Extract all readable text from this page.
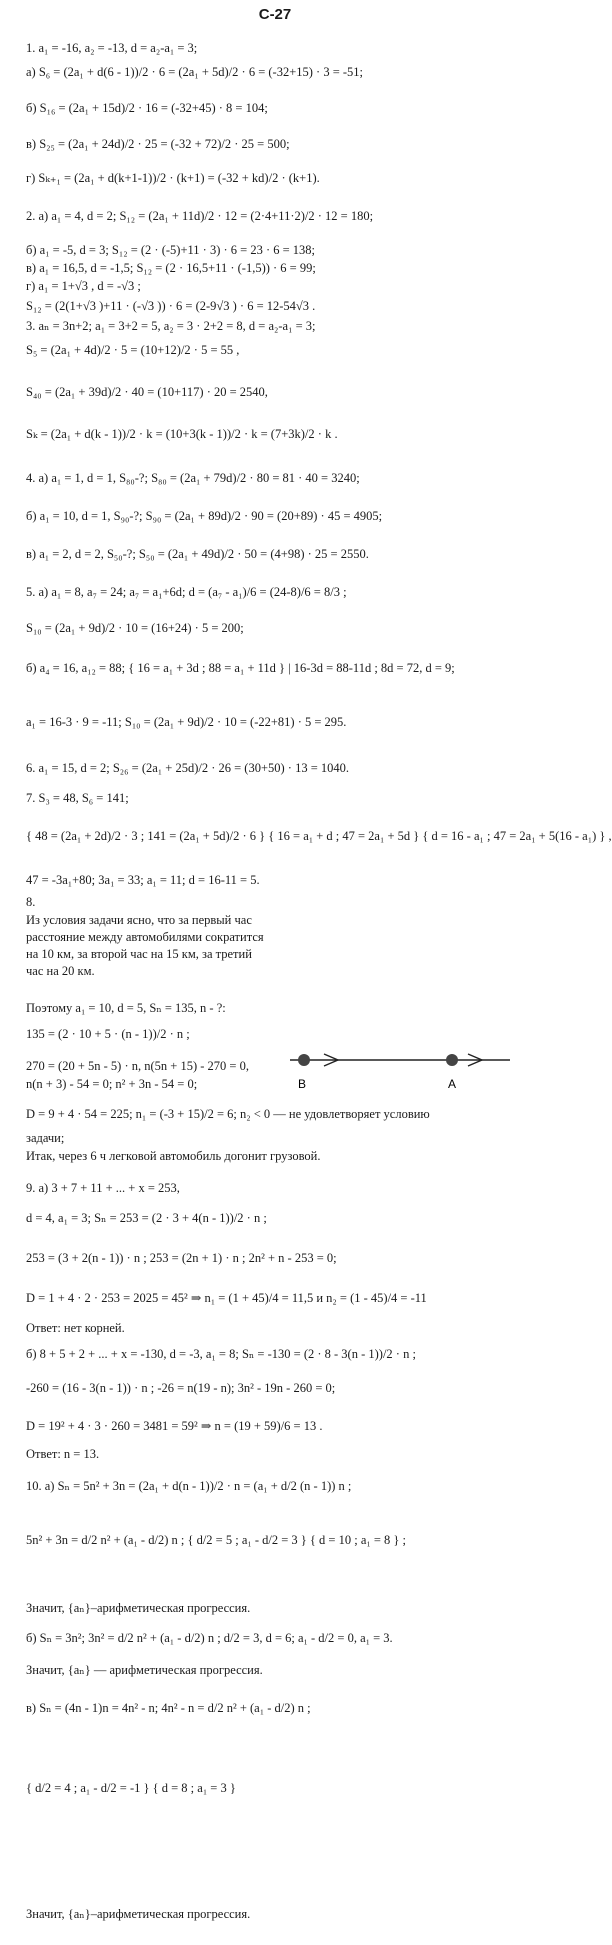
С-27
1. a₁ = -16, a₂ = -13, d = a₂-a₁ = 3;
а) S₆ = (2a₁ + d(6 - 1))/2 · 6 = (2a₁ + 5d)/2 · 6 = (-32+15) · 3 = -51;
б) S₁₆ = (2a₁ + 15d)/2 · 16 = (-32+45) · 8 = 104;
в) S₂₅ = (2a₁ + 24d)/2 · 25 = (-32 + 72)/2 · 25 = 500;
г) Sₖ₊₁ = (2a₁ + d(k+1-1))/2 · (k+1) = (-32 + kd)/2 · (k+1).
2. а) a₁ = 4, d = 2; S₁₂ = (2a₁ + 11d)/2 · 12 = (2·4+11·2)/2 · 12 = 180;
б) a₁ = -5, d = 3; S₁₂ = (2 · (-5)+11 · 3) · 6 = 23 · 6 = 138;
в) a₁ = 16,5, d = -1,5; S₁₂ = (2 · 16,5+11 · (-1,5)) · 6 = 99;
г) a₁ = 1+√3 , d = -√3 ;
S₁₂ = (2(1+√3 )+11 · (-√3 )) · 6 = (2-9√3 ) · 6 = 12-54√3 .
3. aₙ = 3n+2; a₁ = 3+2 = 5, a₂ = 3 · 2+2 = 8, d = a₂-a₁ = 3;
S₅ = (2a₁ + 4d)/2 · 5 = (10+12)/2 · 5 = 55 ,
S₄₀ = (2a₁ + 39d)/2 · 40 = (10+117) · 20 = 2540,
Sₖ = (2a₁ + d(k - 1))/2 · k = (10+3(k - 1))/2 · k = (7+3k)/2 · k .
4. а) a₁ = 1, d = 1, S₈₀-?; S₈₀ = (2a₁ + 79d)/2 · 80 = 81 · 40 = 3240;
б) a₁ = 10, d = 1, S₉₀-?; S₉₀ = (2a₁ + 89d)/2 · 90 = (20+89) · 45 = 4905;
в) a₁ = 2, d = 2, S₅₀-?; S₅₀ = (2a₁ + 49d)/2 · 50 = (4+98) · 25 = 2550.
5. а) a₁ = 8, a₇ = 24; a₇ = a₁+6d; d = (a₇ - a₁)/6 = (24-8)/6 = 8/3 ;
S₁₀ = (2a₁ + 9d)/2 · 10 = (16+24) · 5 = 200;
б) a₄ = 16, a₁₂ = 88; { 16 = a₁ + 3d ; 88 = a₁ + 11d } | 16-3d = 88-11d ; 8d = 72, d = 9;
a₁ = 16-3 · 9 = -11; S₁₀ = (2a₁ + 9d)/2 · 10 = (-22+81) · 5 = 295.
6. a₁ = 15, d = 2; S₂₆ = (2a₁ + 25d)/2 · 26 = (30+50) · 13 = 1040.
7. S₃ = 48, S₆ = 141;
{ 48 = (2a₁ + 2d)/2 · 3 ; 141 = (2a₁ + 5d)/2 · 6 } { 16 = a₁ + d ; 47 = 2a₁ + 5d } { d = 16 - a₁ ; 47 = 2a₁ + 5(16 - a₁) } ,
47 = -3a₁+80; 3a₁ = 33; a₁ = 11; d = 16-11 = 5.
8.
Из условия задачи ясно, что за первый час расстояние между автомобилями сократится на 10 км, за второй час на 15 км, за третий час на 20 км.
B	A
Поэтому a₁ = 10, d = 5, Sₙ = 135, n - ?:
135 = (2 · 10 + 5 · (n - 1))/2 · n ;
270 = (20 + 5n - 5) · n, n(5n + 15) - 270 = 0,
n(n + 3) - 54 = 0; n² + 3n - 54 = 0;
D = 9 + 4 · 54 = 225; n₁ = (-3 + 15)/2 = 6; n₂ < 0 — не удовлетворяет условию
задачи;
Итак, через 6 ч легковой автомобиль догонит грузовой.
9. а) 3 + 7 + 11 + ... + x = 253,
d = 4, a₁ = 3; Sₙ = 253 = (2 · 3 + 4(n - 1))/2 · n ;
253 = (3 + 2(n - 1)) · n ; 253 = (2n + 1) · n ; 2n² + n - 253 = 0;
D = 1 + 4 · 2 · 253 = 2025 = 45² ⇒ n₁ = (1 + 45)/4 = 11,5 и n₂ = (1 - 45)/4 = -11
Ответ: нет корней.
б) 8 + 5 + 2 + ... + x = -130, d = -3, a₁ = 8; Sₙ = -130 = (2 · 8 - 3(n - 1))/2 · n ;
-260 = (16 - 3(n - 1)) · n ; -26 = n(19 - n); 3n² - 19n - 260 = 0;
D = 19² + 4 · 3 · 260 = 3481 = 59² ⇒ n = (19 + 59)/6 = 13 .
Ответ: n = 13.
10. а) Sₙ = 5n² + 3n = (2a₁ + d(n - 1))/2 · n = (a₁ + d/2 (n - 1)) n ;
5n² + 3n = d/2 n² + (a₁ - d/2) n ; { d/2 = 5 ; a₁ - d/2 = 3 } { d = 10 ; a₁ = 8 } ;
Значит, {aₙ}–арифметическая прогрессия.
б) Sₙ = 3n²; 3n² = d/2 n² + (a₁ - d/2) n ; d/2 = 3, d = 6; a₁ - d/2 = 0, a₁ = 3.
Значит, {aₙ} — арифметическая прогрессия.
в) Sₙ = (4n - 1)n = 4n² - n; 4n² - n = d/2 n² + (a₁ - d/2) n ;
{ d/2 = 4 ; a₁ - d/2 = -1 } { d = 8 ; a₁ = 3 }
Значит, {aₙ}–арифметическая прогрессия.
